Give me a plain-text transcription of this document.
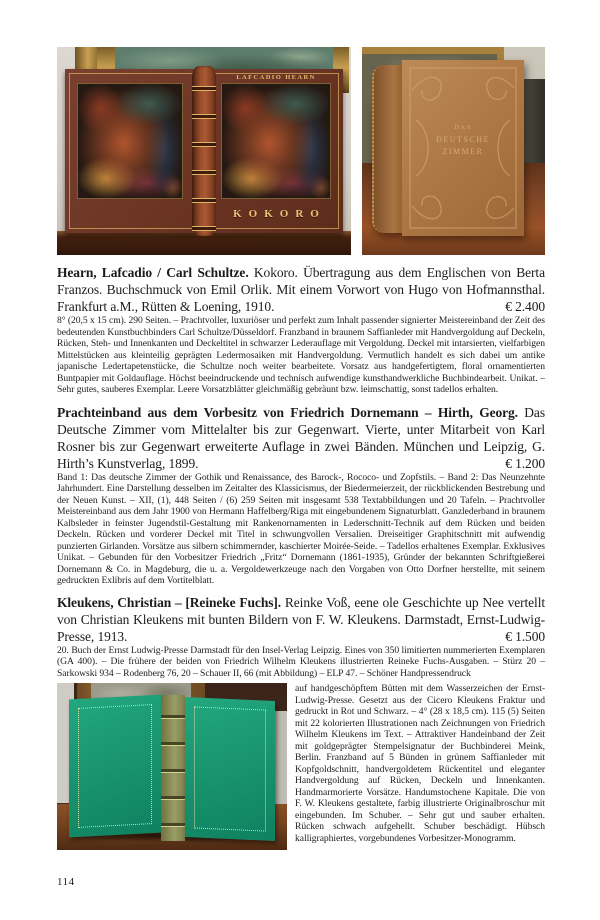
LAFCADIO HEARN
KOKORO
DAS
DEUTSCHE
ZIMMER

Hearn, Lafcadio / Carl Schultze. Kokoro. Übertragung aus dem Englischen von Berta Franzos. Buchschmuck von Emil Orlik. Mit einem Vorwort von Hugo von Hofmannsthal. Frankfurt a.M., Rütten & Loening, 1910.	€ 2.400

8° (20,5 x 15 cm). 290 Seiten. – Prachtvoller, luxuriöser und perfekt zum Inhalt passender signierter Meistereinband der Zeit des bedeutenden Kunstbuchbinders Carl Schultze/Düsseldorf. Franzband in braunem Saffianleder mit Handvergoldung auf Deckeln, Rücken, Steh- und Innenkanten und Deckeltitel in schwarzer Lederauflage mit Vergoldung. Deckel mit intarsierten, vielfarbigen Mittelstücken aus kleinteilig geprägten Ledermosaiken mit Handvergoldung. Vermutlich handelt es sich dabei um antike japanische Ledertapetenstücke, die Schultze noch weiter bearbeitete. Vorsatz aus handgefertigtem, floral ornamentierten Buntpapier mit Goldauflage. Höchst beeindruckende und technisch aufwendige kunsthandwerkliche Buchbindearbeit. Unikat. – Sehr gutes, sauberes Exemplar. Leere Vorsatzblätter gleichmäßig gebräunt bzw. leimschattig, sonst tadellos erhalten.

Prachteinband aus dem Vorbesitz von Friedrich Dornemann – Hirth, Georg. Das Deutsche Zimmer vom Mittelalter bis zur Gegenwart. Vierte, unter Mitarbeit von Karl Rosner bis zur Gegenwart erweiterte Auflage in zwei Bänden. München und Leipzig, G. Hirth’s Kunstverlag, 1899.	€ 1.200

Band 1: Das deutsche Zimmer der Gothik und Renaissance, des Barock-, Rococo- und Zopfstils. – Band 2: Das Neunzehnte Jahrhundert. Eine Darstellung desselben im Zeitalter des Klassicismus, der Biedermeierzeit, der rückblickenden Bestrebung und der Neuen Kunst. – XII, (1), 448 Seiten / (6) 259 Seiten mit insgesamt 538 Textabbildungen und 20 Tafeln. – Prachtvoller Meistereinband aus dem Jahr 1900 von Hermann Haffelberg/Riga mit eingebundenem Signaturblatt. Ganzlederband in braunem Kalbsleder in feinster Jugendstil-Gestaltung mit Rankenornamenten in Lederschnitt-Technik auf dem Rücken und beiden Deckeln. Rücken und vorderer Deckel mit Titel in schwungvollen Versalien. Dreiseitiger Graphitschnitt mit aufwendig punzierten Girlanden. Vorsätze aus silbern schimmernder, kaschierter Moirée-Seide. – Tadellos erhaltenes Exemplar. Exklusives Unikat. – Gebunden für den Vorbesitzer Friedrich „Fritz“ Dornemann (1861-1935), Gründer der bekannten Schriftgießerei Dornemann & Co. in Magdeburg, die u. a. Vergoldewerkzeuge nach den Vorgaben von Otto Dorfner herstellte, mit seinem gedruckten Exlibris auf dem Vortitelblatt.

Kleukens, Christian – [Reineke Fuchs]. Reinke Voß, eene ole Geschichte up Nee vertellt von Christian Kleukens mit bunten Bildern von F. W. Kleukens. Darmstadt, Ernst-Ludwig-Presse, 1913.	€ 1.500

20. Buch der Ernst Ludwig-Presse Darmstadt für den Insel-Verlag Leipzig. Eines von 350 limitierten nummerierten Exemplaren (GA 400). – Die frühere der beiden von Friedrich Wilhelm Kleukens illustrierten Reineke Fuchs-Ausgaben. – Stürz 20 – Sarkowski 934 – Rodenberg 76, 20 – Schauer II, 66 (mit Abbildung) – ELP 47. – Schöner Handpressendruck

auf handgeschöpftem Bütten mit dem Wasserzeichen der Ernst-Ludwig-Presse. Gesetzt aus der Cicero Kleukens Fraktur und gedruckt in Rot und Schwarz. – 4° (28 x 18,5 cm). 115 (5) Seiten mit 22 kolorierten Illustrationen nach Zeichnungen von Friedrich Wilhelm Kleukens im Text. – Attraktiver Handeinband der Zeit mit goldgeprägter Stempelsignatur der Buchbinderei Meink, Berlin. Franzband auf 5 Bünden in grünem Saffianleder mit Kopfgoldschnitt, handvergoldetem Rückentitel und eleganter Handvergoldung auf Rücken, Deckeln und Innenkanten. Handmarmorierte Vorsätze. Handumstochene Kapitale. Die von F. W. Kleukens gestaltete, farbig illustrierte Originalbroschur mit eingebunden. Im Schuber. – Sehr gut und sauber erhalten. Rücken schwach aufgehellt. Schuber beschädigt. Hübsch kalligraphiertes, vorgebundenes Vorbesitzer-Monogramm.

114
